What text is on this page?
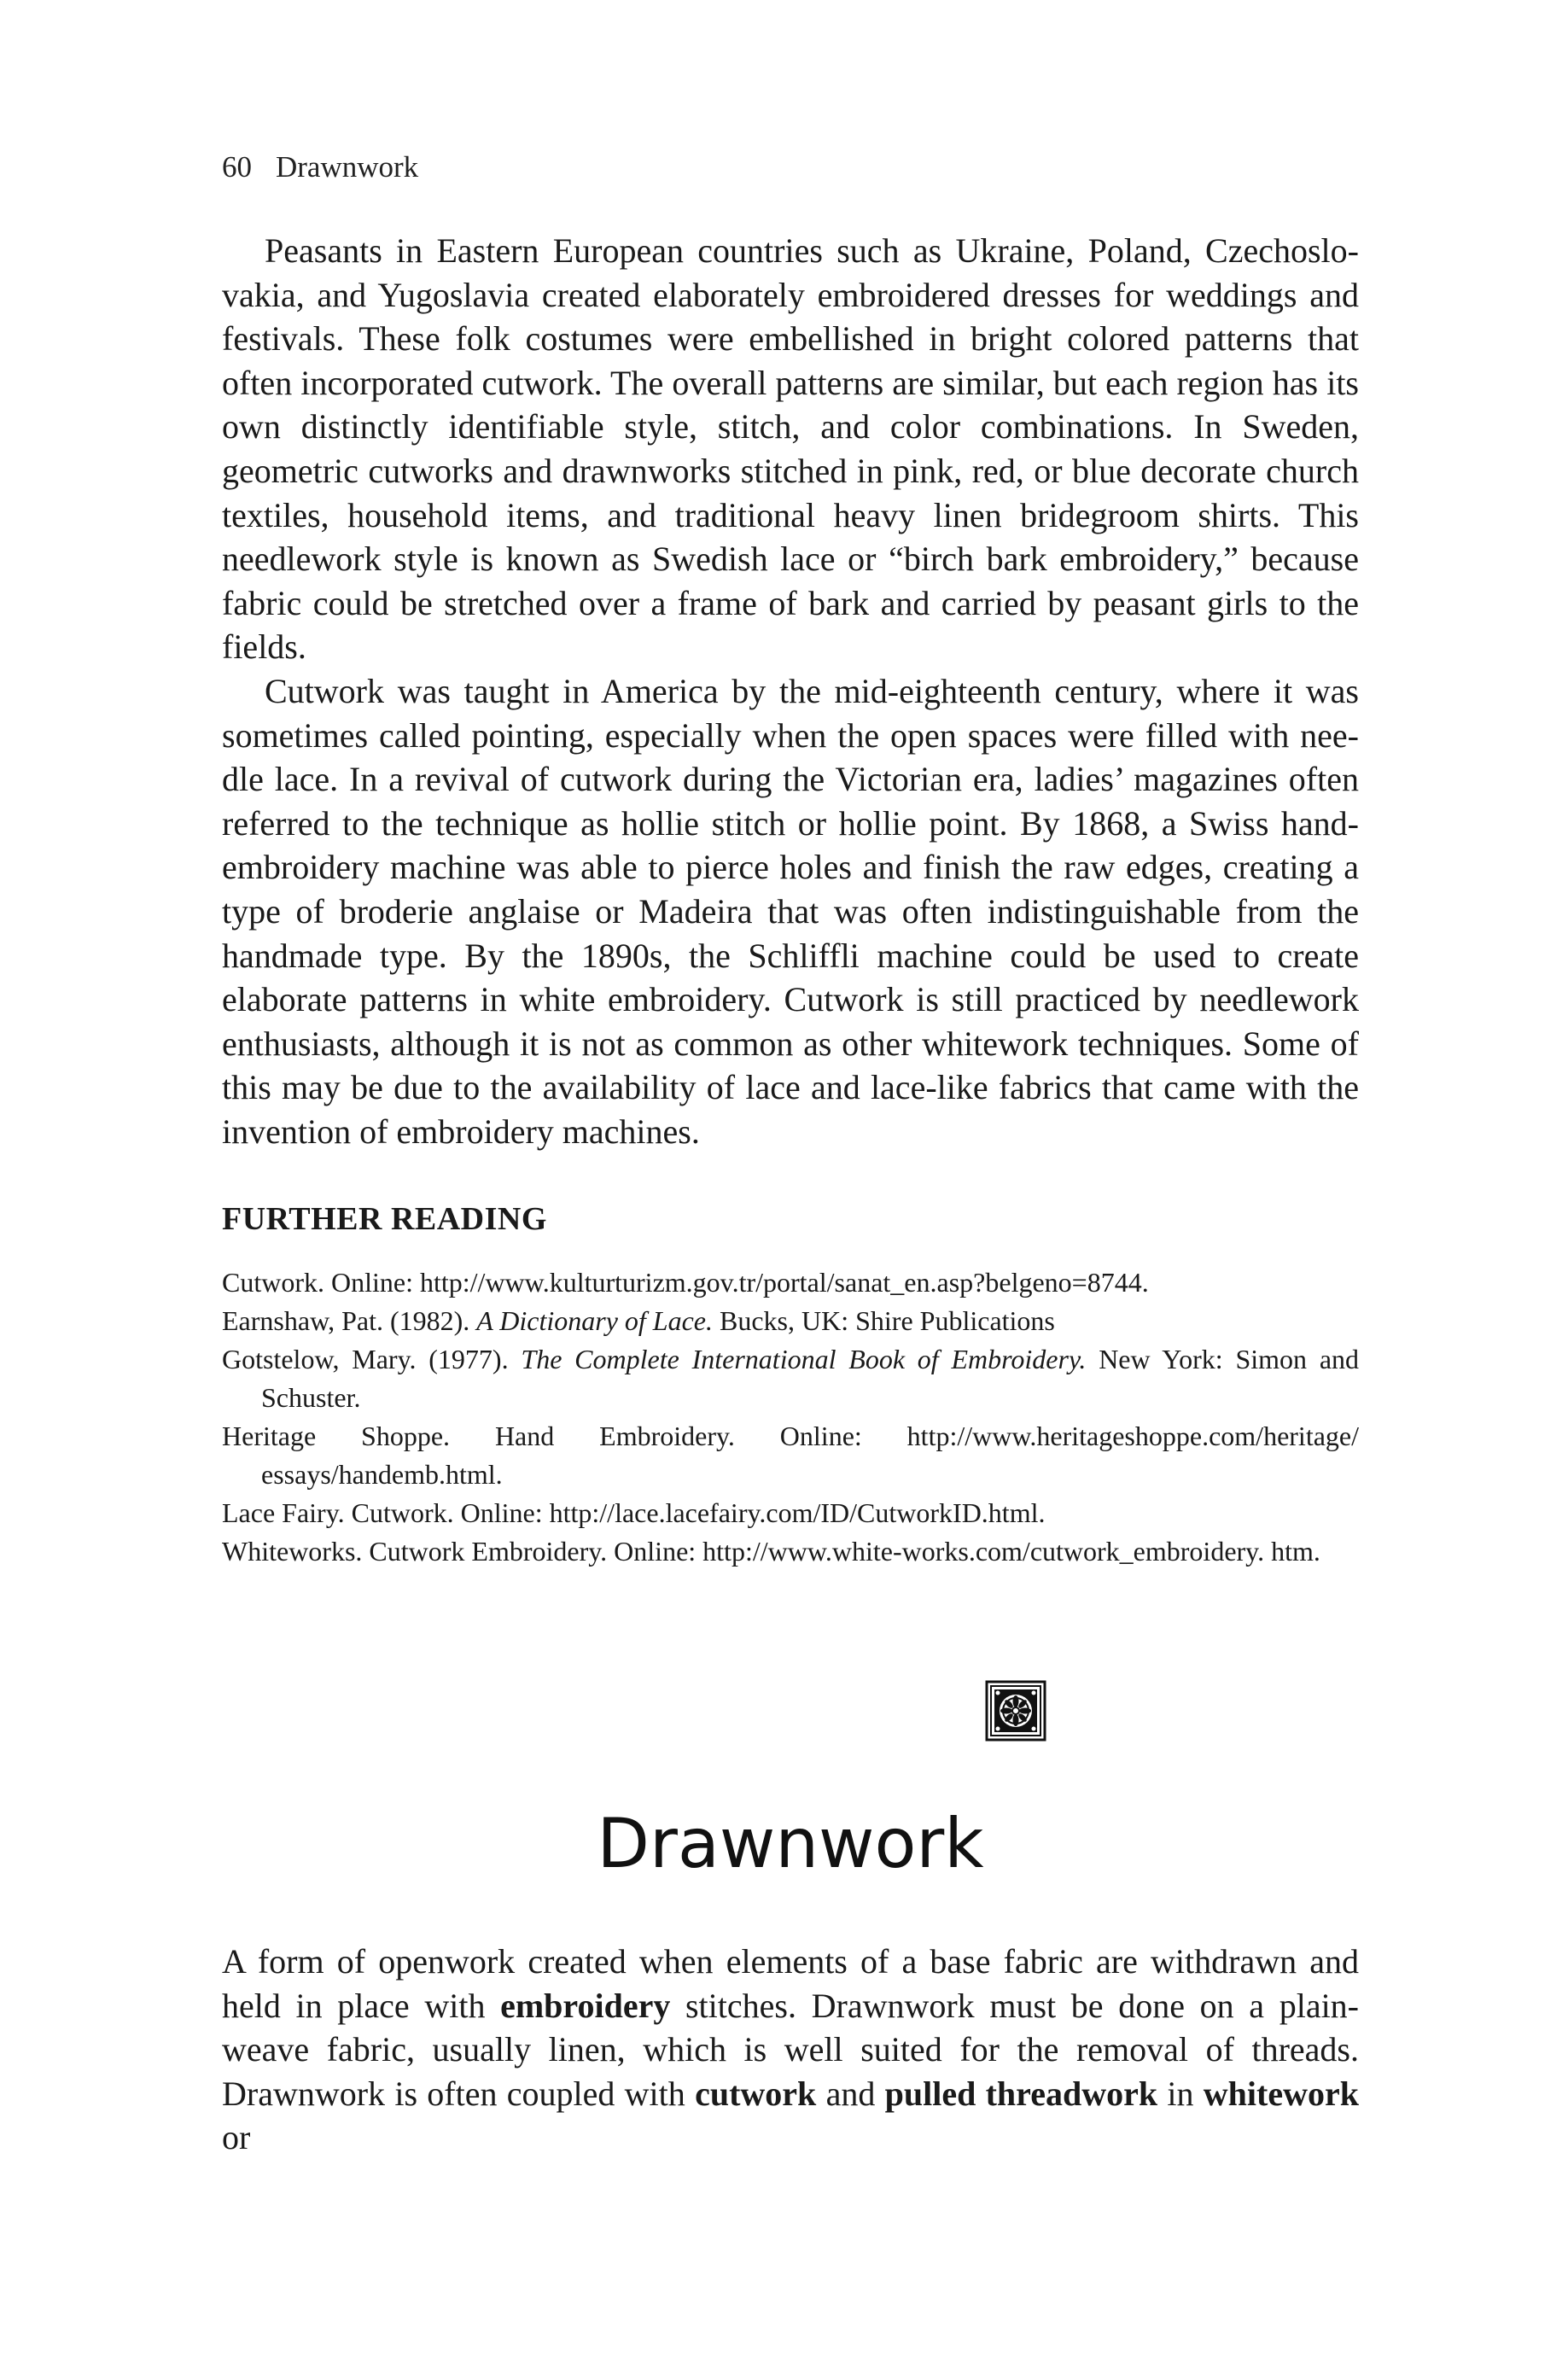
60 Drawnwork

Peasants in Eastern European countries such as Ukraine, Poland, Czechoslovakia, and Yugoslavia created elaborately embroidered dresses for weddings and festivals. These folk costumes were embellished in bright colored patterns that often incorporated cutwork. The overall patterns are similar, but each region has its own distinctly identifiable style, stitch, and color combinations. In Sweden, geometric cutworks and drawnworks stitched in pink, red, or blue decorate church textiles, household items, and traditional heavy linen bridegroom shirts. This needlework style is known as Swedish lace or “birch bark embroidery,” because fabric could be stretched over a frame of bark and carried by peasant girls to the fields.

Cutwork was taught in America by the mid-eighteenth century, where it was sometimes called pointing, especially when the open spaces were filled with needle lace. In a revival of cutwork during the Victorian era, ladies’ magazines often referred to the technique as hollie stitch or hollie point. By 1868, a Swiss hand-embroidery machine was able to pierce holes and finish the raw edges, creating a type of broderie anglaise or Madeira that was often indistinguishable from the handmade type. By the 1890s, the Schliffli machine could be used to create elaborate patterns in white embroidery. Cutwork is still practiced by needlework enthusiasts, although it is not as common as other whitework techniques. Some of this may be due to the availability of lace and lace-like fabrics that came with the invention of embroidery machines.

FURTHER READING
Cutwork. Online: http://www.kulturturizm.gov.tr/portal/sanat_en.asp?belgeno=8744.
Earnshaw, Pat. (1982). A Dictionary of Lace. Bucks, UK: Shire Publications
Gotstelow, Mary. (1977). The Complete International Book of Embroidery. New York: Simon and Schuster.
Heritage Shoppe. Hand Embroidery. Online: http://www.heritageshoppe.com/heritage/ essays/handemb.html.
Lace Fairy. Cutwork. Online: http://lace.lacefairy.com/ID/CutworkID.html.
Whiteworks. Cutwork Embroidery. Online: http://www.white-works.com/cutwork_embroidery. htm.
Drawnwork

A form of openwork created when elements of a base fabric are withdrawn and held in place with embroidery stitches. Drawnwork must be done on a plain-weave fabric, usually linen, which is well suited for the removal of threads. Drawnwork is often coupled with cutwork and pulled threadwork in whitework or
